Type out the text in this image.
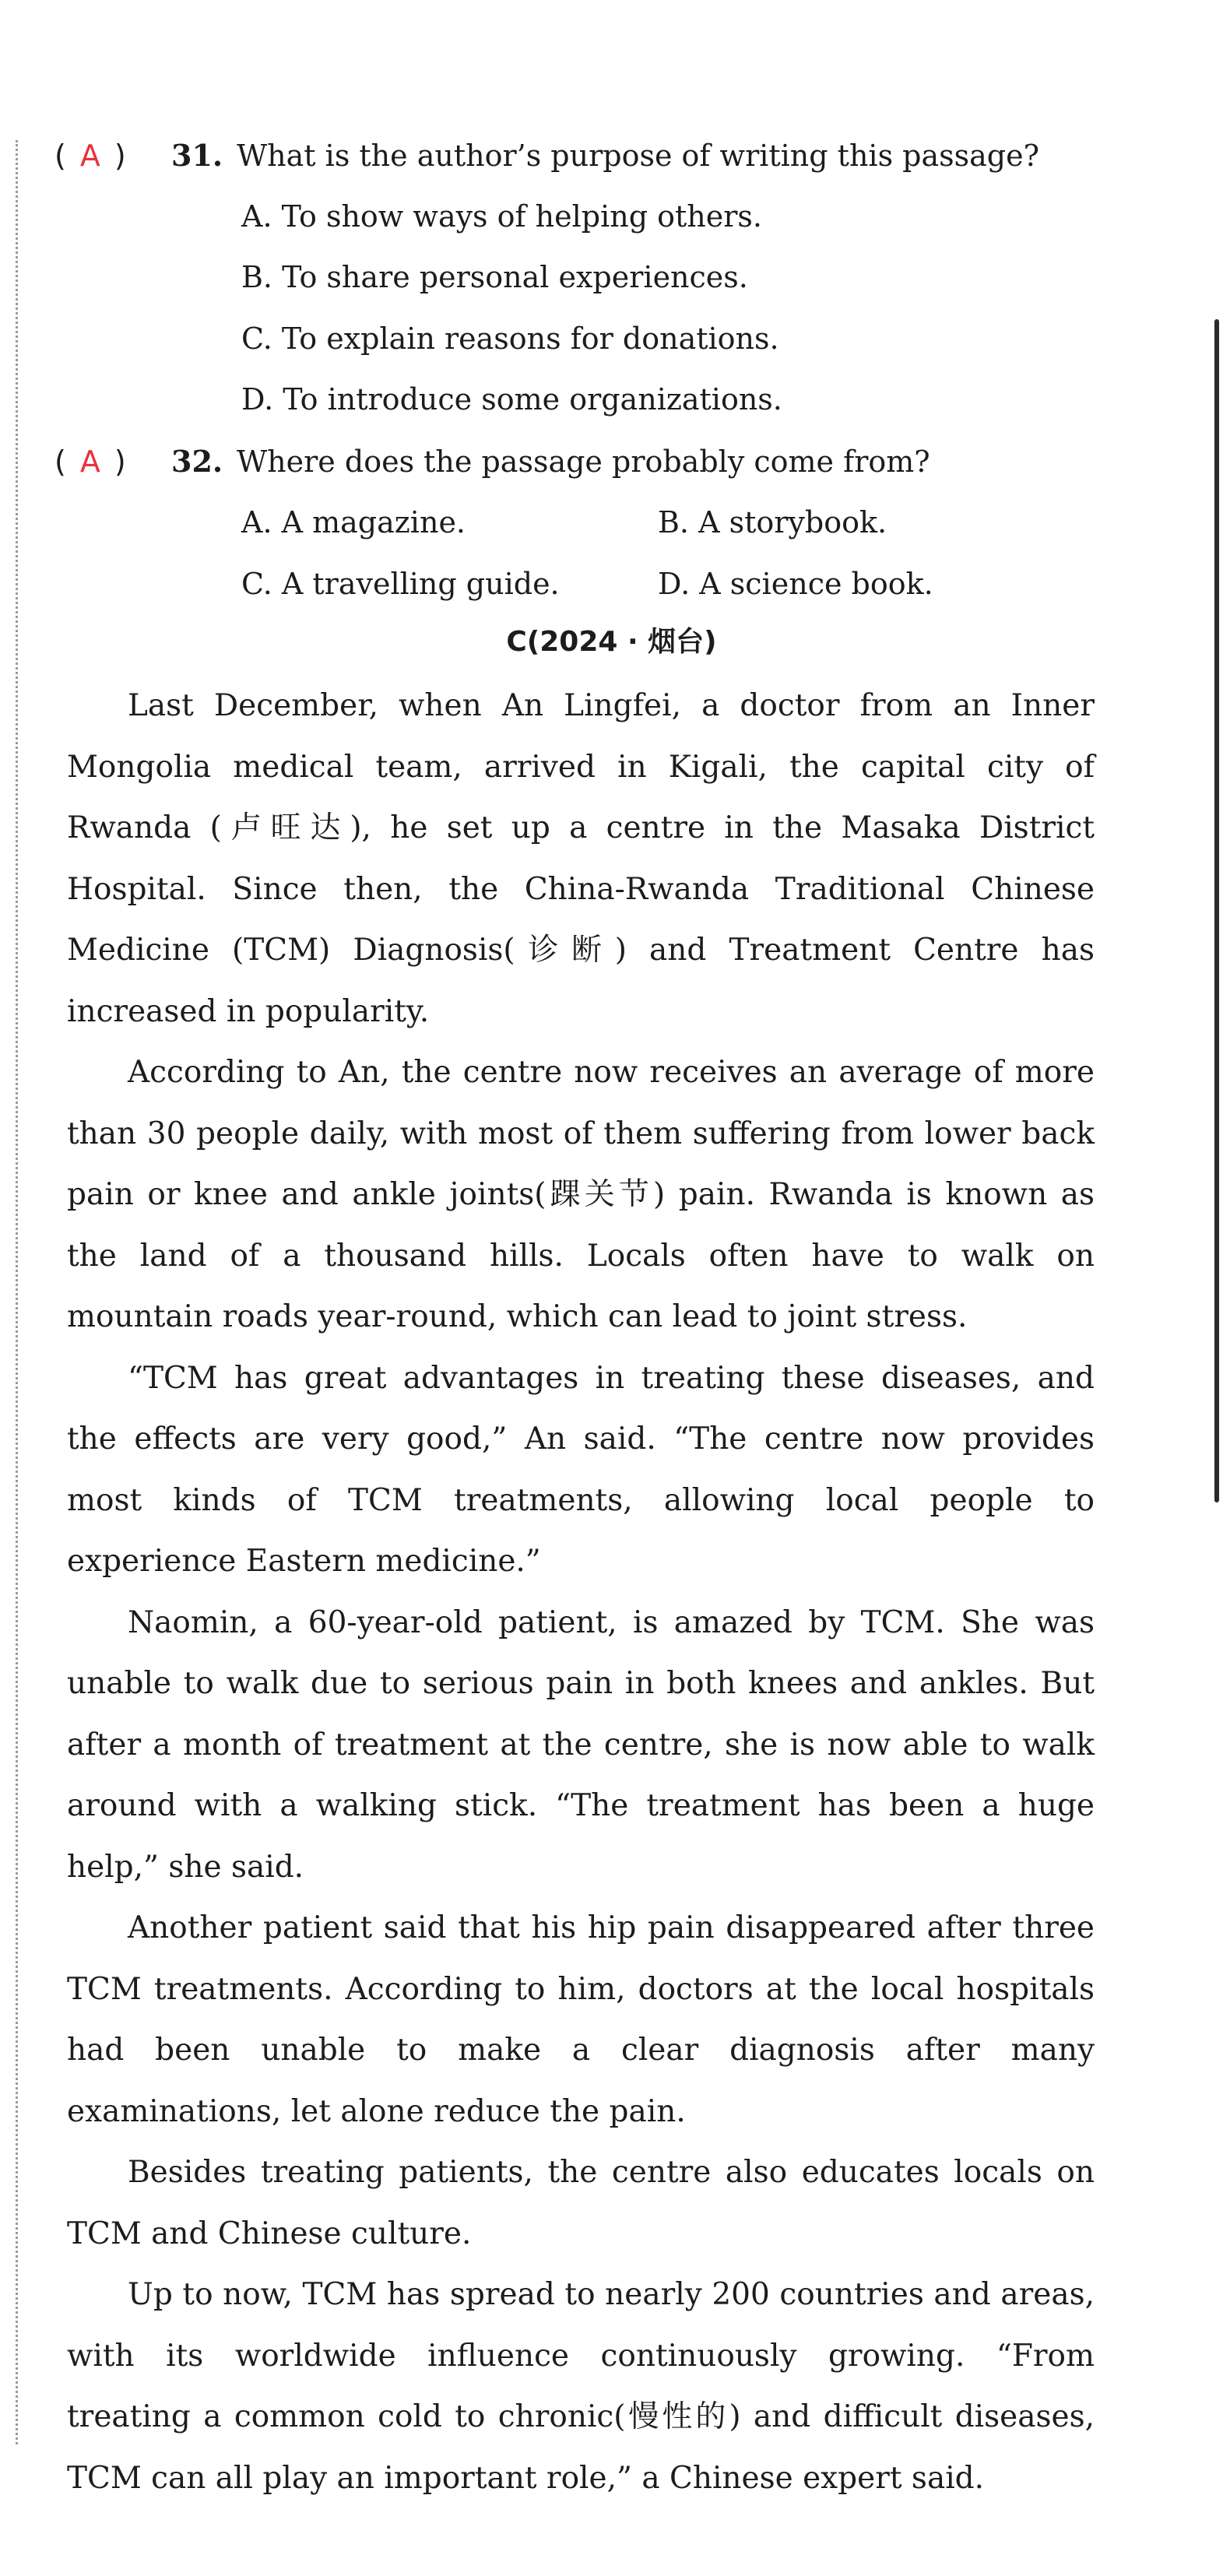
( A ) 31. What is the author’s purpose of writing this passage?
A. To show ways of helping others.
B. To share personal experiences.
C. To explain reasons for donations.
D. To introduce some organizations.
( A ) 32. Where does the passage probably come from?
A. A magazine.	B. A storybook.
C. A travelling guide.	D. A science book.
C(2024 · 烟台)

Last December, when An Lingfei, a doctor from an Inner Mongolia medical team, arrived in Kigali, the capital city of Rwanda (卢旺达), he set up a centre in the Masaka District Hospital. Since then, the China-Rwanda Traditional Chinese Medicine (TCM) Diagnosis(诊断) and Treatment Centre has increased in popularity.

According to An, the centre now receives an average of more than 30 people daily, with most of them suffering from lower back pain or knee and ankle joints(踝关节) pain. Rwanda is known as the land of a thousand hills. Locals often have to walk on mountain roads year-round, which can lead to joint stress.

“TCM has great advantages in treating these diseases, and the effects are very good,” An said. “The centre now provides most kinds of TCM treatments, allowing local people to experience Eastern medicine.”

Naomin, a 60-year-old patient, is amazed by TCM. She was unable to walk due to serious pain in both knees and ankles. But after a month of treatment at the centre, she is now able to walk around with a walking stick. “The treatment has been a huge help,” she said.

Another patient said that his hip pain disappeared after three TCM treatments. According to him, doctors at the local hospitals had been unable to make a clear diagnosis after many examinations, let alone reduce the pain.

Besides treating patients, the centre also educates locals on TCM and Chinese culture.

Up to now, TCM has spread to nearly 200 countries and areas, with its worldwide influence continuously growing. “From treating a common cold to chronic(慢性的) and difficult diseases, TCM can all play an important role,” a Chinese expert said.
